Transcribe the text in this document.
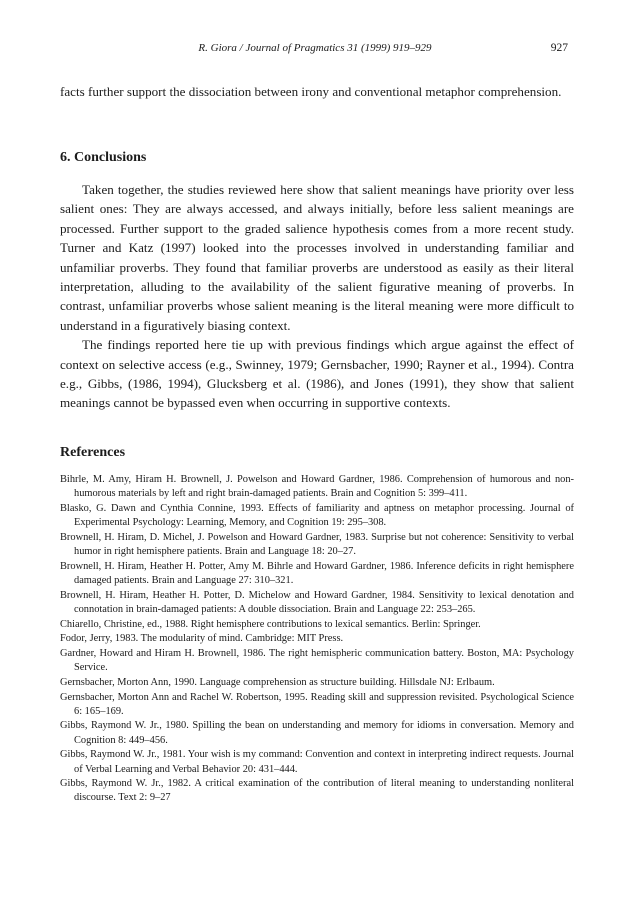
R. Giora / Journal of Pragmatics 31 (1999) 919–929	927

facts further support the dissociation between irony and conventional metaphor comprehension.

6. Conclusions

Taken together, the studies reviewed here show that salient meanings have priority over less salient ones: They are always accessed, and always initially, before less salient meanings are processed. Further support to the graded salience hypothesis comes from a more recent study. Turner and Katz (1997) looked into the processes involved in understanding familiar and unfamiliar proverbs. They found that familiar proverbs are understood as easily as their literal interpretation, alluding to the availability of the salient figurative meaning of proverbs. In contrast, unfamiliar proverbs whose salient meaning is the literal meaning were more difficult to understand in a figuratively biasing context.

The findings reported here tie up with previous findings which argue against the effect of context on selective access (e.g., Swinney, 1979; Gernsbacher, 1990; Rayner et al., 1994). Contra e.g., Gibbs, (1986, 1994), Glucksberg et al. (1986), and Jones (1991), they show that salient meanings cannot be bypassed even when occurring in supportive contexts.

References

Bihrle, M. Amy, Hiram H. Brownell, J. Powelson and Howard Gardner, 1986. Comprehension of humorous and non-humorous materials by left and right brain-damaged patients. Brain and Cognition 5: 399–411.

Blasko, G. Dawn and Cynthia Connine, 1993. Effects of familiarity and aptness on metaphor processing. Journal of Experimental Psychology: Learning, Memory, and Cognition 19: 295–308.

Brownell, H. Hiram, D. Michel, J. Powelson and Howard Gardner, 1983. Surprise but not coherence: Sensitivity to verbal humor in right hemisphere patients. Brain and Language 18: 20–27.

Brownell, H. Hiram, Heather H. Potter, Amy M. Bihrle and Howard Gardner, 1986. Inference deficits in right hemisphere damaged patients. Brain and Language 27: 310–321.

Brownell, H. Hiram, Heather H. Potter, D. Michelow and Howard Gardner, 1984. Sensitivity to lexical denotation and connotation in brain-damaged patients: A double dissociation. Brain and Language 22: 253–265.

Chiarello, Christine, ed., 1988. Right hemisphere contributions to lexical semantics. Berlin: Springer.

Fodor, Jerry, 1983. The modularity of mind. Cambridge: MIT Press.

Gardner, Howard and Hiram H. Brownell, 1986. The right hemispheric communication battery. Boston, MA: Psychology Service.

Gernsbacher, Morton Ann, 1990. Language comprehension as structure building. Hillsdale NJ: Erlbaum.

Gernsbacher, Morton Ann and Rachel W. Robertson, 1995. Reading skill and suppression revisited. Psychological Science 6: 165–169.

Gibbs, Raymond W. Jr., 1980. Spilling the bean on understanding and memory for idioms in conversation. Memory and Cognition 8: 449–456.

Gibbs, Raymond W. Jr., 1981. Your wish is my command: Convention and context in interpreting indirect requests. Journal of Verbal Learning and Verbal Behavior 20: 431–444.

Gibbs, Raymond W. Jr., 1982. A critical examination of the contribution of literal meaning to understanding nonliteral discourse. Text 2: 9–27
